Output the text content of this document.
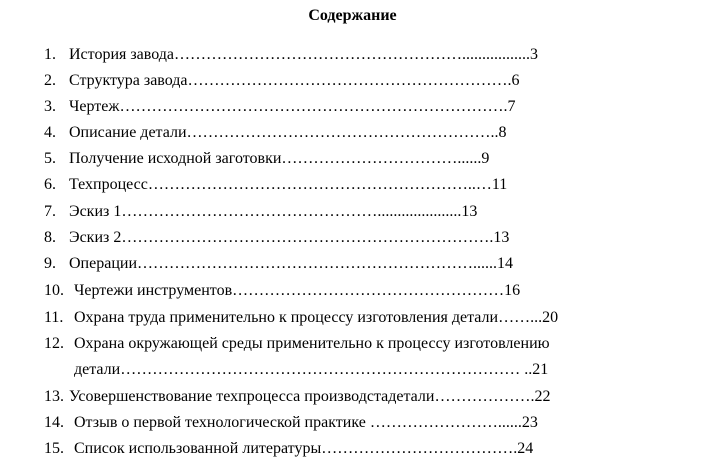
Содержание
1. История завода……………………………………………….................3
2. Структура завода…………………………………………………….6
3. Чертеж……………………………………………………………….7
4. Описание детали…………………………………………………..8
5. Получение исходной заготовки……………………………......9
6. Техпроцесс……………………………………………………..…11
7. Эскиз 1………………………………………….....................13
8. Эскиз 2…………………………………………………………….13
9. Операции………………………………………………………......14
10. Чертежи инструментов……………………………………………16
11. Охрана труда применительно к процессу изготовления детали……...20
12. Охрана окружающей среды применительно к процессу изготовлению
детали………………………………………………………………… ..21
13. Усовершенствование техпроцесса производстадетали……………….22
14. Отзыв о первой технологической практике ……………………......23
15. Список использованной литературы……………………………….24
